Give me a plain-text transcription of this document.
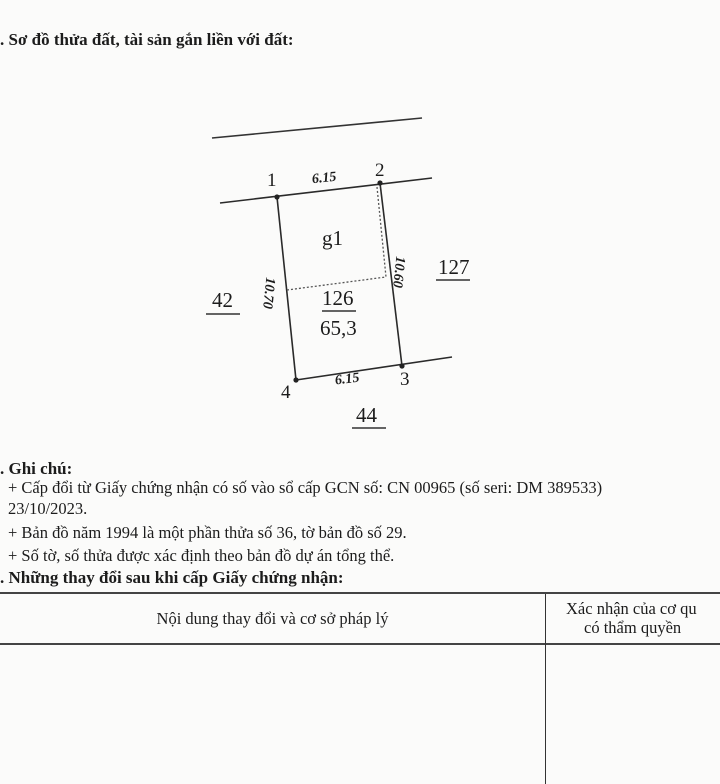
. Sơ đồ thửa đất, tài sản gắn liền với đất:
1	2
3
4
6.15
6.15
10.70
10.60
g1
126
65,3
42
127
44
. Ghi chú:
+ Cấp đổi từ Giấy chứng nhận có số vào sổ cấp GCN số: CN 00965 (số seri: DM 389533)
23/10/2023.
+ Bản đồ năm 1994 là một phần thửa số 36, tờ bản đồ số 29.
+ Số tờ, số thửa được xác định theo bản đồ dự án tổng thể.
. Những thay đổi sau khi cấp Giấy chứng nhận:
Nội dung thay đổi và cơ sở pháp lý
Xác nhận của cơ qu
có thẩm quyền
